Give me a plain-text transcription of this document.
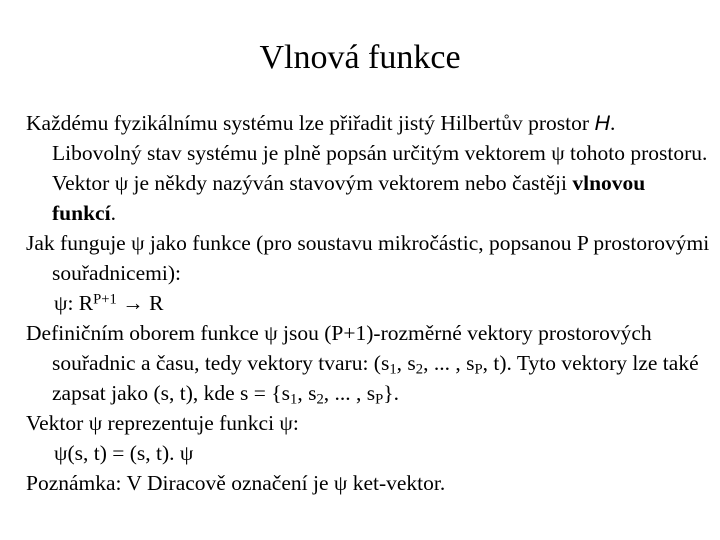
Vlnová funkce

Každému fyzikálnímu systému lze přiřadit jistý Hilbertův prostor H. Libovolný stav systému je plně popsán určitým vektorem ψ tohoto prostoru. Vektor ψ je někdy nazýván stavovým vektorem nebo častěji vlnovou funkcí.

Jak funguje ψ jako funkce (pro soustavu mikročástic, popsanou P prostorovými souřadnicemi):

ψ: $R^{P+1} \to R$

Definičním oborem funkce ψ jsou (P+1)-rozměrné vektory prostorových souřadnic a času, tedy vektory tvaru: ($s_1$, $s_2$, ... , $s_P$, t). Tyto vektory lze také zapsat jako (s, t), kde $s = \{s_1$, $s_2$, ... , $s_P$}.

Vektor ψ reprezentuje funkci ψ:

ψ(s, t) = (s, t). ψ

Poznámka: V Diracově označení je ψ ket-vektor.
